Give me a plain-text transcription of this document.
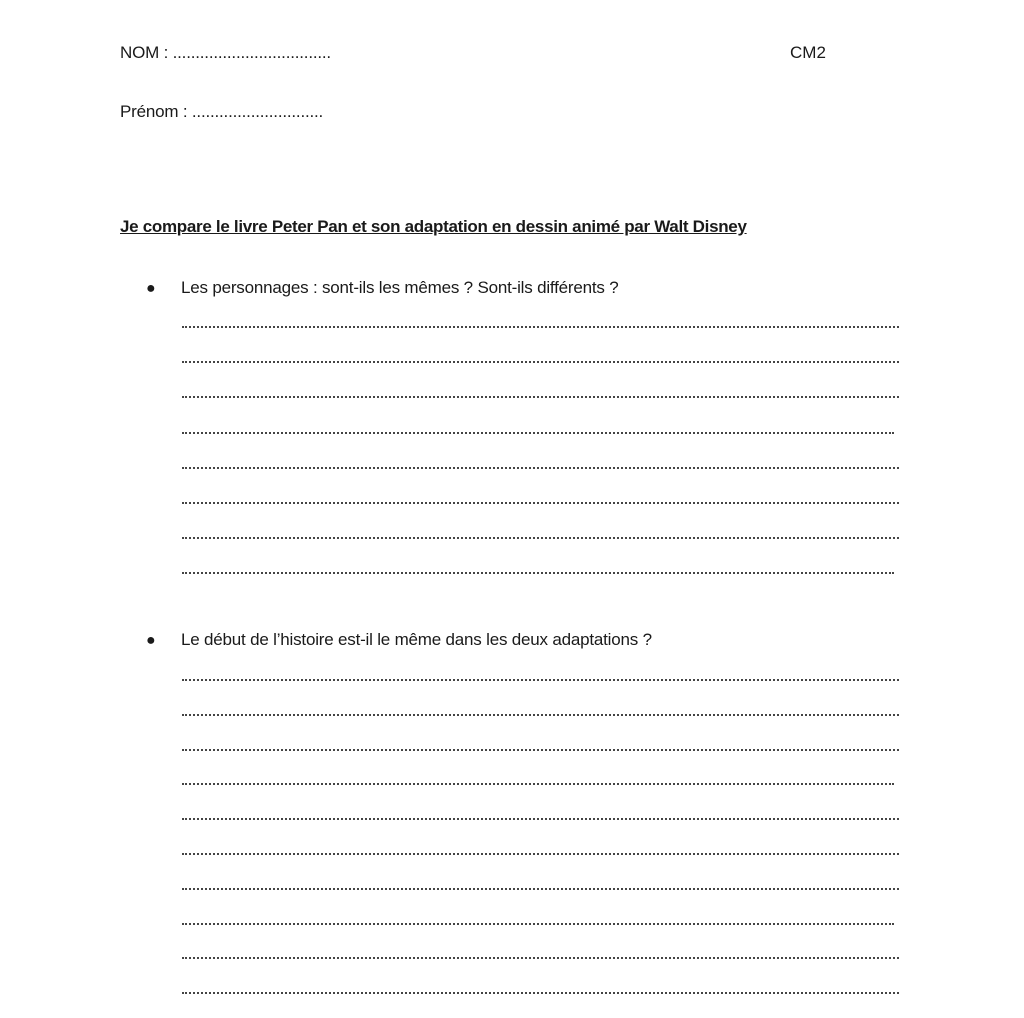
NOM : ...................................	CM2
Prénom : .............................
Je compare le livre Peter Pan et son adaptation en dessin animé par Walt Disney
● Les personnages : sont-ils les mêmes ? Sont-ils différents ?
● Le début de l’histoire est-il le même dans les deux adaptations ?
